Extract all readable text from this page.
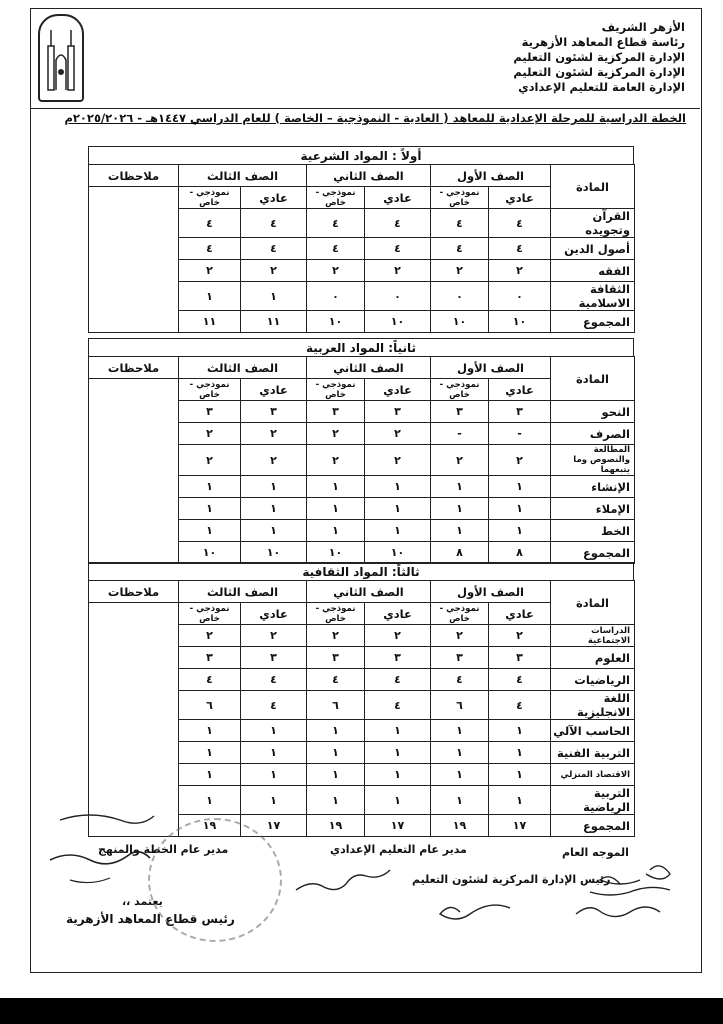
الأزهر الشريف
رئاسة قطاع المعاهد الأزهرية
الإدارة المركزية لشئون التعليم
الإدارة المركزية لشئون التعليم
الإدارة العامة للتعليم الإعدادي
الخطة الدراسية للمرحلة الإعدادية للمعاهد ( العادية - النموذجية – الخاصة ) للعام الدراسي ١٤٤٧هـ - ٢٠٢٥/٢٠٢٦م
أولاً : المواد الشرعية
المادة	الصف الأول		الصف الثاني		الصف الثالث		ملاحظات
	عادي	نموذجي - خاص	عادي	نموذجي - خاص	عادي	نموذجي - خاص	
القرآن وتجويده	٤	٤	٤	٤	٤	٤	
أصول الدين	٤	٤	٤	٤	٤	٤	
الفقه	٢	٢	٢	٢	٢	٢	
الثقافة الاسلامية	٠	٠	٠	٠	١	١	
المجموع	١٠	١٠	١٠	١٠	١١	١١	
ثانياً: المواد العربية
المادة	الصف الأول		الصف الثاني		الصف الثالث		ملاحظات
	عادي	نموذجي - خاص	عادي	نموذجي - خاص	عادي	نموذجي - خاص	
النحو	٣	٣	٣	٣	٣	٣	
الصرف	-	-	٢	٢	٢	٢	
المطالعة والنصوص وما يتبعهما	٢	٢	٢	٢	٢	٢	
الإنشاء	١	١	١	١	١	١	
الإملاء	١	١	١	١	١	١	
الخط	١	١	١	١	١	١	
المجموع	٨	٨	١٠	١٠	١٠	١٠	
ثالثاً: المواد الثقافية
المادة	الصف الأول		الصف الثاني		الصف الثالث		ملاحظات
	عادي	نموذجي - خاص	عادي	نموذجي - خاص	عادي	نموذجي - خاص	
الدراسات الاجتماعية	٢	٢	٢	٢	٢	٢	
العلوم	٣	٣	٣	٣	٣	٣	
الرياضيات	٤	٤	٤	٤	٤	٤	
اللغة الانجليزية	٤	٦	٤	٦	٤	٦	
الحاسب الآلي	١	١	١	١	١	١	
التربية الفنية	١	١	١	١	١	١	
الاقتصاد المنزلي	١	١	١	١	١	١	
التربية الرياضية	١	١	١	١	١	١	
المجموع	١٧	١٩	١٧	١٩	١٧	١٩	
الموجه العام
رئيس الإدارة المركزية لشئون التعليم
مدير عام التعليم الإعدادي
مدير عام الخطة والمنهج
يعتمد ،،
رئيس قطاع المعاهد الأزهرية
